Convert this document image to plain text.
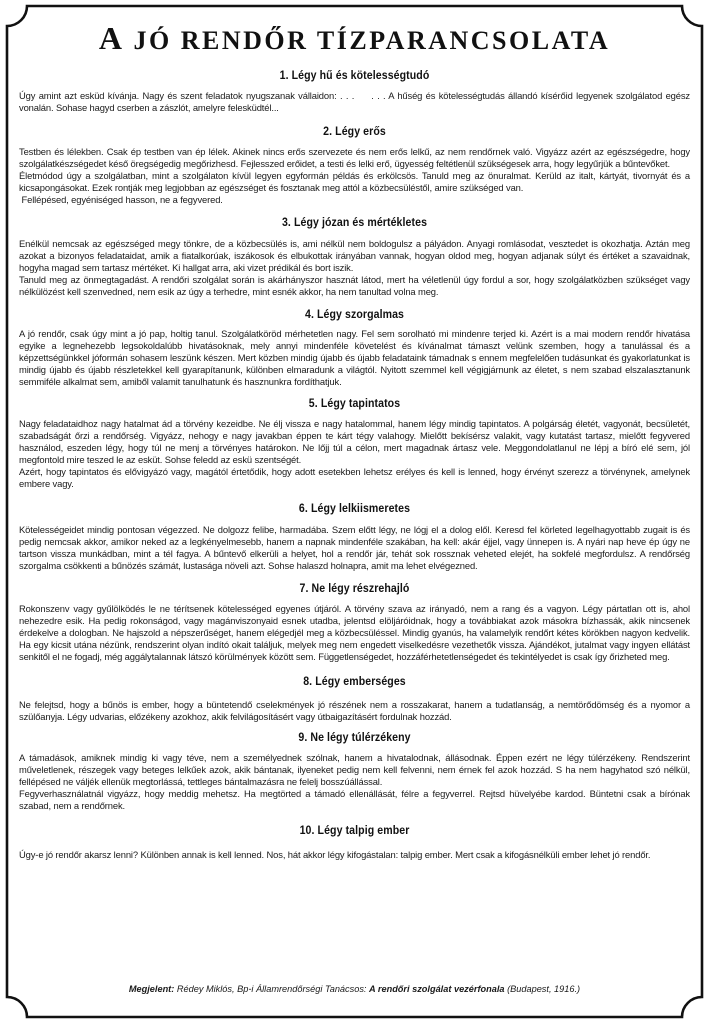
A JÓ RENDŐR TÍZPARANCSOLATA
1. Légy hű és kötelességtudó

Úgy amint azt esküd kívánja. Nagy és szent feladatok nyugszanak vállaidon: . . .     . . . A hűség és kötelességtudás állandó kísérőid legyenek szolgálatod egész vonalán. Sohase hagyd cserben a zászlót, amelyre felesküdtél...

2. Légy erős

Testben és lélekben. Csak ép testben van ép lélek. Akinek nincs erős szervezete és nem erős lelkű, az nem rendőrnek való. Vigyázz azért az egészségedre, hogy szolgálatkészségedet késő öregségedig megőrizhesd. Fejlesszed erőidet, a testi és lelki erő, ügyesség feltétlenül szükségesek arra, hogy legyűrjük a bűntevőket.

Életmódod úgy a szolgálatban, mint a szolgálaton kívül legyen egyformán példás és erkölcsös. Tanuld meg az önuralmat. Kerüld az italt, kártyát, tivornyát és a kicsapongásokat. Ezek rontják meg legjobban az egészséget és fosztanak meg attól a közbecsüléstől, amire szükséged van.

Fellépésed, egyéniséged hasson, ne a fegyvered.

3. Légy józan és mértékletes

Enélkül nemcsak az egészséged megy tönkre, de a közbecsülés is, ami nélkül nem boldogulsz a pályádon. Anyagi romlásodat, vesztedet is okozhatja. Aztán meg azokat a bizonyos feladataidat, amik a fiatalkorúak, iszákosok és elbukottak irányában vannak, hogyan oldod meg, hogyan adjanak súlyt és értéket a szavaidnak, hogyha magad sem tartasz mértéket. Ki hallgat arra, aki vizet prédikál és bort iszik.

Tanuld meg az önmegtagadást. A rendőri szolgálat során is akárhányszor hasznát látod, mert ha véletlenül úgy fordul a sor, hogy szolgálatközben szükséget vagy nélkülözést kell szenvedned, nem esik az úgy a terhedre, mint esnék akkor, ha nem tanultad volna meg.

4. Légy szorgalmas

A jó rendőr, csak úgy mint a jó pap, holtig tanul. Szolgálatköröd mérhetetlen nagy. Fel sem sorolható mi mindenre terjed ki. Azért is a mai modern rendőr hivatása egyike a legnehezebb legsokoldalúbb hivatásoknak, mely annyi mindenféle követelést és kívánalmat támaszt velünk szemben, hogy a tanulással és a képzettségünkkel jóformán sohasem leszünk készen. Mert közben mindig újabb és újabb feladataink támadnak s ennem megfelelően tudásunkat és gyakorlatunkat is mindig újabb és újabb részletekkel kell gyarapítanunk, különben elmaradunk a világtól. Nyitott szemmel kell végigjárnunk az életet, s nem szabad elszalasztanunk semmiféle alkalmat sem, amiből valamit tanulhatunk és hasznunkra fordíthatjuk.

5. Légy tapintatos

Nagy feladataidhoz nagy hatalmat ád a törvény kezeidbe. Ne élj vissza e nagy hatalommal, hanem légy mindig tapintatos. A polgárság életét, vagyonát, becsületét, szabadságát őrzi a rendőrség. Vigyázz, nehogy e nagy javakban éppen te kárt tégy valahogy. Mielőtt bekísérsz valakit, vagy kutatást tartasz, mielőtt fegyvered használod, eszeden légy, hogy túl ne menj a törvényes határokon. Ne lőjj túl a célon, mert magadnak ártasz vele. Meggondolatlanul ne lépj a bíró elé sem, jól megfontold mire teszed le az esküt. Sohse feledd az eskü szentségét.

Azért, hogy tapintatos és elővigyázó vagy, magától értetődik, hogy adott esetekben lehetsz erélyes és kell is lenned, hogy érvényt szerezz a törvénynek, amelynek embere vagy.

6. Légy lelkiismeretes

Kötelességeidet mindig pontosan végezzed. Ne dolgozz felibe, harmadába. Szem előtt légy, ne lógj el a dolog elől. Keresd fel körleted legelhagyottabb zugait is és pedig nemcsak akkor, amikor neked az a legkényelmesebb, hanem a napnak mindenféle szakában, ha kell: akár éjjel, vagy ünnepen is. A nyári nap heve ép úgy ne tartson vissza munkádban, mint a tél fagya. A bűntevő elkerüli a helyet, hol a rendőr jár, tehát sok rossznak veheted elejét, ha sokfelé megfordulsz. A rendőrség szorgalma csökkenti a bűnözés számát, lustasága növeli azt. Sohse halaszd holnapra, amit ma lehet elvégezned.

7. Ne légy részrehajló

Rokonszenv vagy gyűlölködés le ne térítsenek kötelességed egyenes útjáról. A törvény szava az irányadó, nem a rang és a vagyon. Légy pártatlan ott is, ahol nehezedre esik. Ha pedig rokonságod, vagy magánviszonyaid esnek utadba, jelentsd elöljáróidnak, hogy a továbbiakat azok másokra bízhassák, akik nincsenek érdekelve a dologban. Ne hajszold a népszerűséget, hanem elégedjél meg a közbecsüléssel. Mindig gyanús, ha valamelyik rendőrt kétes körökben nagyon kedvelik. Ha egy kicsit utána nézünk, rendszerint olyan indító okait találjuk, melyek meg nem engedett viselkedésre vezethetők vissza. Ajándékot, jutalmat vagy ingyen ellátást senkitől el ne fogadj, még aggálytalannak látszó körülmények között sem. Függetlenségedet, hozzáférhetetlenségedet és tekintélyedet is csak így őrizheted meg.

8. Légy emberséges

Ne felejtsd, hogy a bűnös is ember, hogy a büntetendő cselekmények jó részének nem a rosszakarat, hanem a tudatlanság, a nemtörődömség és a nyomor a szülőanyja. Légy udvarias, előzékeny azokhoz, akik felvilágosításért vagy útbaigazításért fordulnak hozzád.

9. Ne légy túlérzékeny

A támadások, amiknek mindig ki vagy téve, nem a személyednek szólnak, hanem a hivatalodnak, állásodnak. Éppen ezért ne légy túlérzékeny. Rendszerint műveletlenek, részegek vagy beteges lelkűek azok, akik bántanak, ilyeneket pedig nem kell felvenni, nem érnek fel azok hozzád. S ha nem hagyhatod szó nélkül, fellépésed ne váljék ellenük megtorlássá, tettleges bántalmazásra ne felelj bosszúállással.

Fegyverhasználatnál vigyázz, hogy meddig mehetsz. Ha megtörted a támadó ellenállását, félre a fegyverrel. Rejtsd hüvelyébe kardod. Büntetni csak a bírónak szabad, nem a rendőrnek.

10. Légy talpig ember

Úgy-e jó rendőr akarsz lenni? Különben annak is kell lenned. Nos, hát akkor légy kifogástalan: talpig ember. Mert csak a kifogásnélküli ember lehet jó rendőr.

Megjelent: Rédey Miklós, Bp-i Államrendőrségi Tanácsos: A rendőri szolgálat vezérfonala (Budapest, 1916.)
